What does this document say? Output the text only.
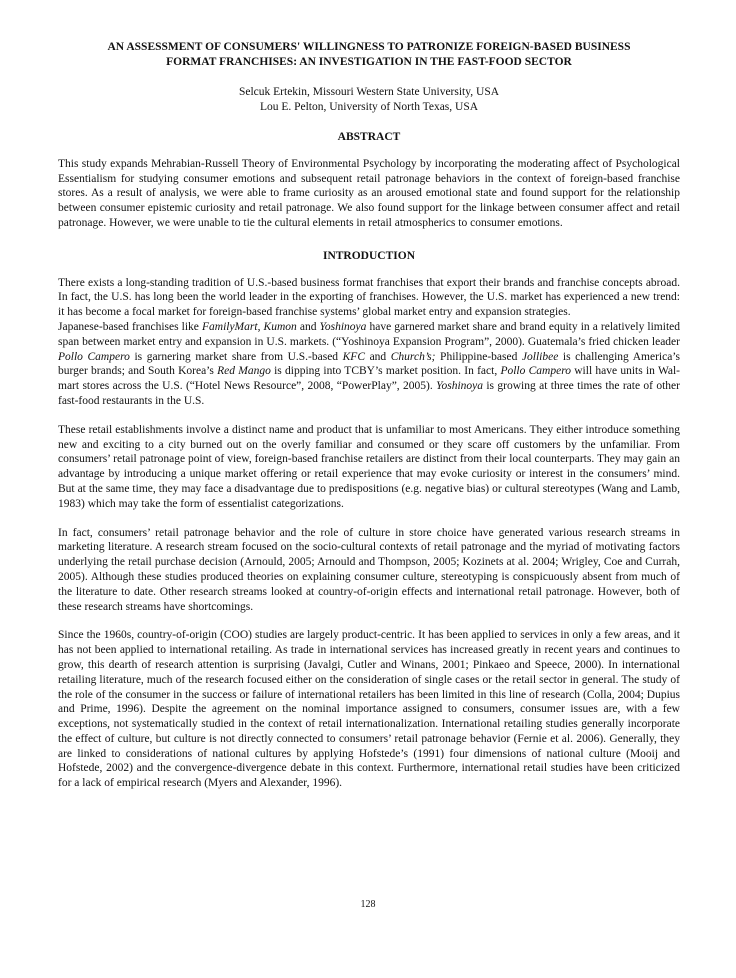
AN ASSESSMENT OF CONSUMERS' WILLINGNESS TO PATRONIZE FOREIGN-BASED BUSINESS
FORMAT FRANCHISES: AN INVESTIGATION IN THE FAST-FOOD SECTOR
Selcuk Ertekin, Missouri Western State University, USA
Lou E. Pelton, University of North Texas, USA
ABSTRACT

This study expands Mehrabian-Russell Theory of Environmental Psychology by incorporating the moderating affect of Psychological Essentialism for studying consumer emotions and subsequent retail patronage behaviors in the context of foreign-based franchise stores. As a result of analysis, we were able to frame curiosity as an aroused emotional state and found support for the relationship between consumer epistemic curiosity and retail patronage. We also found support for the linkage between consumer affect and retail patronage. However, we were unable to tie the cultural elements in retail atmospherics to consumer emotions.

INTRODUCTION

There exists a long-standing tradition of U.S.-based business format franchises that export their brands and franchise concepts abroad. In fact, the U.S. has long been the world leader in the exporting of franchises. However, the U.S. market has experienced a new trend: it has become a focal market for foreign-based franchise systems’ global market entry and expansion strategies.

Japanese-based franchises like FamilyMart, Kumon and Yoshinoya have garnered market share and brand equity in a relatively limited span between market entry and expansion in U.S. markets. (“Yoshinoya Expansion Program”, 2000). Guatemala’s fried chicken leader Pollo Campero is garnering market share from U.S.-based KFC and Church’s; Philippine-based Jollibee is challenging America’s burger brands; and South Korea’s Red Mango is dipping into TCBY’s market position. In fact, Pollo Campero will have units in Wal-mart stores across the U.S. (“Hotel News Resource”, 2008, “PowerPlay”, 2005). Yoshinoya is growing at three times the rate of other fast-food restaurants in the U.S.

These retail establishments involve a distinct name and product that is unfamiliar to most Americans. They either introduce something new and exciting to a city burned out on the overly familiar and consumed or they scare off customers by the unfamiliar. From consumers’ retail patronage point of view, foreign-based franchise retailers are distinct from their local counterparts. They may gain an advantage by introducing a unique market offering or retail experience that may evoke curiosity or interest in the consumers’ mind. But at the same time, they may face a disadvantage due to predispositions (e.g. negative bias) or cultural stereotypes (Wang and Lamb, 1983) which may take the form of essentialist categorizations.

In fact, consumers’ retail patronage behavior and the role of culture in store choice have generated various research streams in marketing literature. A research stream focused on the socio-cultural contexts of retail patronage and the myriad of motivating factors underlying the retail purchase decision (Arnould, 2005; Arnould and Thompson, 2005; Kozinets at al. 2004; Wrigley, Coe and Currah, 2005). Although these studies produced theories on explaining consumer culture, stereotyping is conspicuously absent from much of the literature to date. Other research streams looked at country-of-origin effects and international retail patronage. However, both of these research streams have shortcomings.

Since the 1960s, country-of-origin (COO) studies are largely product-centric. It has been applied to services in only a few areas, and it has not been applied to international retailing. As trade in international services has increased greatly in recent years and continues to grow, this dearth of research attention is surprising (Javalgi, Cutler and Winans, 2001; Pinkaeo and Speece, 2000). In international retailing literature, much of the research focused either on the consideration of single cases or the retail sector in general. The study of the role of the consumer in the success or failure of international retailers has been limited in this line of research (Colla, 2004; Dupius and Prime, 1996). Despite the agreement on the nominal importance assigned to consumers, consumer issues are, with a few exceptions, not systematically studied in the context of retail internationalization. International retailing studies generally incorporate the effect of culture, but culture is not directly connected to consumers’ retail patronage behavior (Fernie et al. 2006). Generally, they are linked to considerations of national cultures by applying Hofstede’s (1991) four dimensions of national culture (Mooij and Hofstede, 2002) and the convergence-divergence debate in this context. Furthermore, international retail studies have been criticized for a lack of empirical research (Myers and Alexander, 1996).

128
